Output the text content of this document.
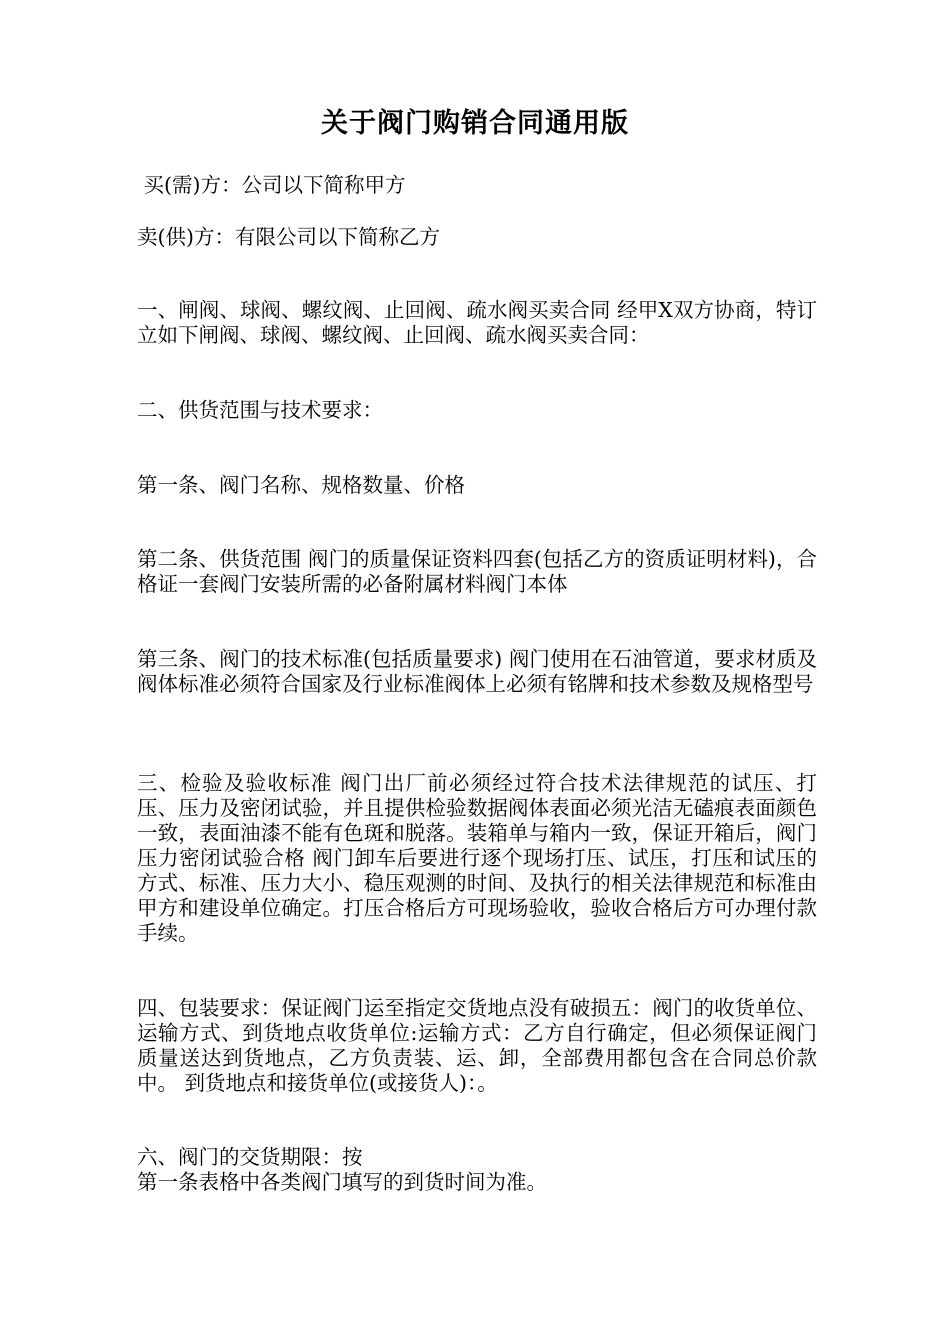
关于阀门购销合同通用版

买(需)方：公司以下简称甲方

卖(供)方：有限公司以下简称乙方

一、闸阀、球阀、螺纹阀、止回阀、疏水阀买卖合同 经甲X双方协商，特订立如下闸阀、球阀、螺纹阀、止回阀、疏水阀买卖合同：

二、供货范围与技术要求：

第一条、阀门名称、规格数量、价格

第二条、供货范围 阀门的质量保证资料四套(包括乙方的资质证明材料)，合格证一套阀门安装所需的必备附属材料阀门本体

第三条、阀门的技术标准(包括质量要求) 阀门使用在石油管道，要求材质及阀体标准必须符合国家及行业标准阀体上必须有铭牌和技术参数及规格型号

三、检验及验收标准 阀门出厂前必须经过符合技术法律规范的试压、打压、压力及密闭试验，并且提供检验数据阀体表面必须光洁无磕痕表面颜色一致，表面油漆不能有色斑和脱落。装箱单与箱内一致，保证开箱后，阀门压力密闭试验合格 阀门卸车后要进行逐个现场打压、试压，打压和试压的方式、标准、压力大小、稳压观测的时间、及执行的相关法律规范和标准由甲方和建设单位确定。打压合格后方可现场验收，验收合格后方可办理付款手续。

四、包装要求：保证阀门运至指定交货地点没有破损五：阀门的收货单位、运输方式、到货地点收货单位:运输方式：乙方自行确定，但必须保证阀门质量送达到货地点，乙方负责装、运、卸，全部费用都包含在合同总价款中。 到货地点和接货单位(或接货人)：。

六、阀门的交货期限：按

第一条表格中各类阀门填写的到货时间为准。
